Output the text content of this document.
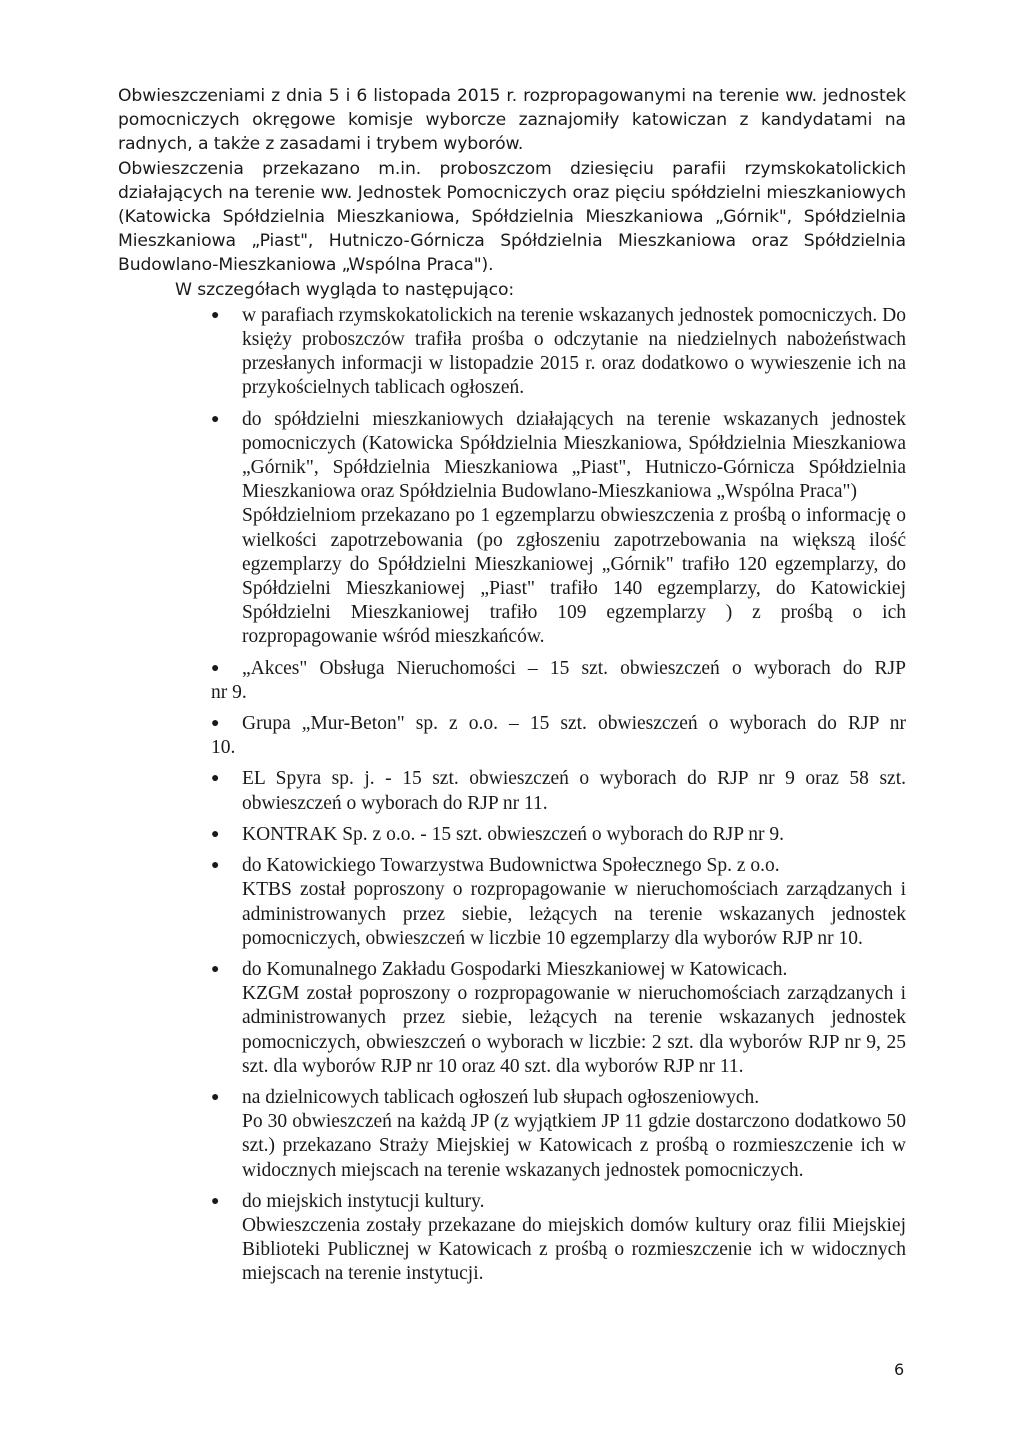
Obwieszczeniami z dnia 5 i 6 listopada 2015 r. rozpropagowanymi na terenie ww. jednostek pomocniczych okręgowe komisje wyborcze zaznajomiły katowiczan z kandydatami na radnych, a także z zasadami i trybem wyborów.

Obwieszczenia przekazano m.in. proboszczom dziesięciu parafii rzymskokatolickich działających na terenie ww. Jednostek Pomocniczych oraz pięciu spółdzielni mieszkaniowych (Katowicka Spółdzielnia Mieszkaniowa, Spółdzielnia Mieszkaniowa „Górnik", Spółdzielnia Mieszkaniowa „Piast", Hutniczo-Górnicza Spółdzielnia Mieszkaniowa oraz Spółdzielnia Budowlano-Mieszkaniowa „Wspólna Praca").

W szczegółach wygląda to następująco:

● w parafiach rzymskokatolickich na terenie wskazanych jednostek pomocniczych. Do księży proboszczów trafiła prośba o odczytanie na niedzielnych nabożeństwach przesłanych informacji w listopadzie 2015 r. oraz dodatkowo o wywieszenie ich na przykościelnych tablicach ogłoszeń.

● do spółdzielni mieszkaniowych działających na terenie wskazanych jednostek pomocniczych (Katowicka Spółdzielnia Mieszkaniowa, Spółdzielnia Mieszkaniowa „Górnik", Spółdzielnia Mieszkaniowa „Piast", Hutniczo-Górnicza Spółdzielnia Mieszkaniowa oraz Spółdzielnia Budowlano-Mieszkaniowa „Wspólna Praca")

Spółdzielniom przekazano po 1 egzemplarzu obwieszczenia z prośbą o informację o wielkości zapotrzebowania (po zgłoszeniu zapotrzebowania na większą ilość egzemplarzy do Spółdzielni Mieszkaniowej „Górnik" trafiło 120 egzemplarzy, do Spółdzielni Mieszkaniowej „Piast" trafiło 140 egzemplarzy, do Katowickiej Spółdzielni Mieszkaniowej trafiło 109 egzemplarzy ) z prośbą o ich rozpropagowanie wśród mieszkańców.

●	„Akces" Obsługa Nieruchomości – 15 szt. obwieszczeń o wyborach do RJP

nr 9.

●	Grupa „Mur-Beton" sp. z o.o. – 15 szt. obwieszczeń o wyborach do RJP nr

10.

● EL Spyra sp. j. - 15 szt. obwieszczeń o wyborach do RJP nr 9 oraz 58 szt. obwieszczeń o wyborach do RJP nr 11.

● KONTRAK Sp. z o.o. - 15 szt. obwieszczeń o wyborach do RJP nr 9.

● do Katowickiego Towarzystwa Budownictwa Społecznego Sp. z o.o.

KTBS został poproszony o rozpropagowanie w nieruchomościach zarządzanych i administrowanych przez siebie, leżących na terenie wskazanych jednostek pomocniczych, obwieszczeń w liczbie 10 egzemplarzy dla wyborów RJP nr 10.

● do Komunalnego Zakładu Gospodarki Mieszkaniowej w Katowicach.

KZGM został poproszony o rozpropagowanie w nieruchomościach zarządzanych i administrowanych przez siebie, leżących na terenie wskazanych jednostek pomocniczych, obwieszczeń o wyborach w liczbie: 2 szt. dla wyborów RJP nr 9, 25 szt. dla wyborów RJP nr 10 oraz 40 szt. dla wyborów RJP nr 11.

● na dzielnicowych tablicach ogłoszeń lub słupach ogłoszeniowych.

Po 30 obwieszczeń na każdą JP (z wyjątkiem JP 11 gdzie dostarczono dodatkowo 50 szt.) przekazano Straży Miejskiej w Katowicach z prośbą o rozmieszczenie ich w widocznych miejscach na terenie wskazanych jednostek pomocniczych.

● do miejskich instytucji kultury.

Obwieszczenia zostały przekazane do miejskich domów kultury oraz filii Miejskiej Biblioteki Publicznej w Katowicach z prośbą o rozmieszczenie ich w widocznych miejscach na terenie instytucji.

6
